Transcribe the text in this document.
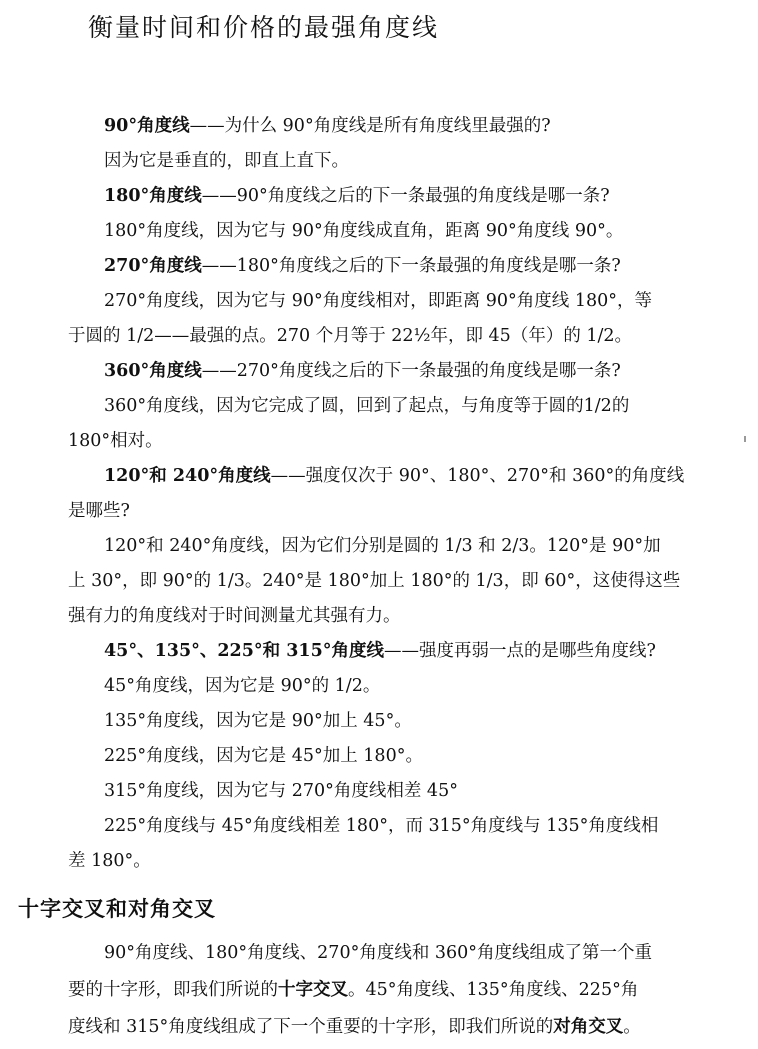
衡量时间和价格的最强角度线
90°角度线——为什么 90°角度线是所有角度线里最强的?
因为它是垂直的，即直上直下。
180°角度线——90°角度线之后的下一条最强的角度线是哪一条?
180°角度线，因为它与 90°角度线成直角，距离 90°角度线 90°。
270°角度线——180°角度线之后的下一条最强的角度线是哪一条?
270°角度线，因为它与 90°角度线相对，即距离 90°角度线 180°，等
于圆的 1/2——最强的点。270 个月等于 22½年，即 45（年）的 1/2。
360°角度线——270°角度线之后的下一条最强的角度线是哪一条?
360°角度线，因为它完成了圆，回到了起点，与角度等于圆的1/2的
180°相对。
120°和 240°角度线——强度仅次于 90°、180°、270°和 360°的角度线
是哪些?
120°和 240°角度线，因为它们分别是圆的 1/3 和 2/3。120°是 90°加
上 30°，即 90°的 1/3。240°是 180°加上 180°的 1/3，即 60°，这使得这些
强有力的角度线对于时间测量尤其强有力。
45°、135°、225°和 315°角度线——强度再弱一点的是哪些角度线?
45°角度线，因为它是 90°的 1/2。
135°角度线，因为它是 90°加上 45°。
225°角度线，因为它是 45°加上 180°。
315°角度线，因为它与 270°角度线相差 45°
225°角度线与 45°角度线相差 180°，而 315°角度线与 135°角度线相
差 180°。
十字交叉和对角交叉
90°角度线、180°角度线、270°角度线和 360°角度线组成了第一个重
要的十字形，即我们所说的十字交叉。45°角度线、135°角度线、225°角
度线和 315°角度线组成了下一个重要的十字形，即我们所说的对角交叉。
